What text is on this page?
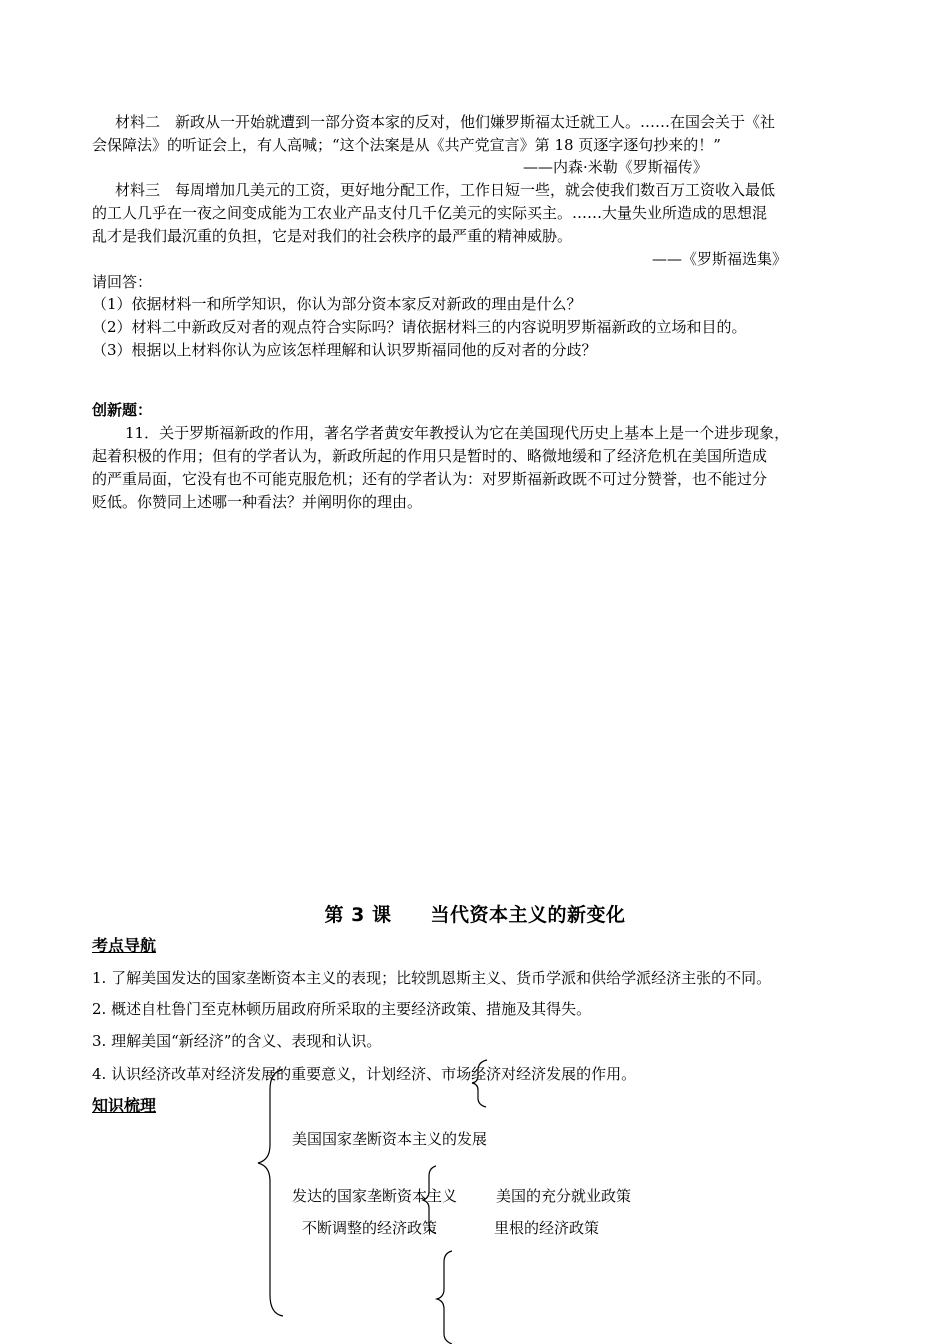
材料二　新政从一开始就遭到一部分资本家的反对，他们嫌罗斯福太迁就工人。……在国会关于《社
会保障法》的听证会上，有人高喊；“这个法案是从《共产党宣言》第 18 页逐字逐句抄来的！”
——内森·米勒《罗斯福传》
材料三　每周增加几美元的工资，更好地分配工作，工作日短一些，就会使我们数百万工资收入最低
的工人几乎在一夜之间变成能为工农业产品支付几千亿美元的实际买主。……大量失业所造成的思想混
乱才是我们最沉重的负担，它是对我们的社会秩序的最严重的精神威胁。
——《罗斯福选集》
请回答：
（1）依据材料一和所学知识，你认为部分资本家反对新政的理由是什么？
（2）材料二中新政反对者的观点符合实际吗？请依据材料三的内容说明罗斯福新政的立场和目的。
（3）根据以上材料你认为应该怎样理解和认识罗斯福同他的反对者的分歧？
创新题：
11．关于罗斯福新政的作用，著名学者黄安年教授认为它在美国现代历史上基本上是一个进步现象，
起着积极的作用；但有的学者认为，新政所起的作用只是暂时的、略微地缓和了经济危机在美国所造成
的严重局面，它没有也不可能克服危机；还有的学者认为：对罗斯福新政既不可过分赞誉，也不能过分
贬低。你赞同上述哪一种看法？并阐明你的理由。
第 3 课　　当代资本主义的新变化
考点导航
1. 了解美国发达的国家垄断资本主义的表现；比较凯恩斯主义、货币学派和供给学派经济主张的不同。
2. 概述自杜鲁门至克林顿历届政府所采取的主要经济政策、措施及其得失。
3. 理解美国“新经济”的含义、表现和认识。
4. 认识经济改革对经济发展的重要意义，计划经济、市场经济对经济发展的作用。
知识梳理
美国国家垄断资本主义的发展
发达的国家垄断资本主义	美国的充分就业政策
不断调整的经济政策	里根的经济政策
